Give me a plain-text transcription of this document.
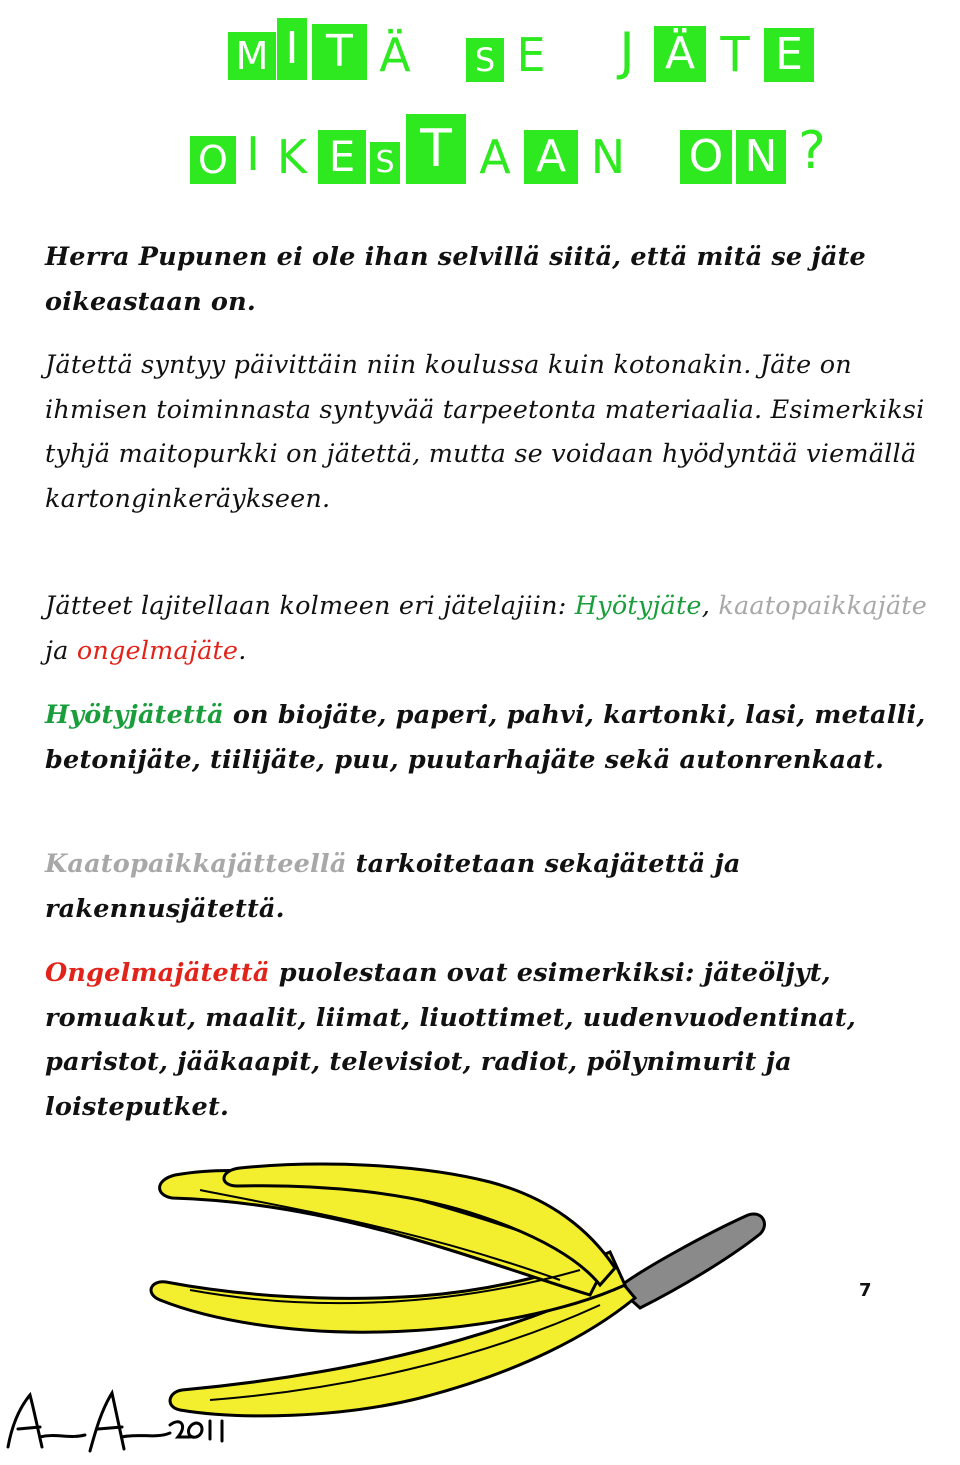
M I T Ä S E	J Ä T E
O I K E S T A A N O N ?

Herra Pupunen ei ole ihan selvillä siitä, että mitä se jäte oikeastaan on.

Jätettä syntyy päivittäin niin koulussa kuin kotonakin. Jäte on ihmisen toiminnasta syntyvää tarpeetonta materiaalia. Esimerkiksi tyhjä maitopurkki on jätettä, mutta se voidaan hyödyntää viemällä kartonginkeräykseen.

Jätteet lajitellaan kolmeen eri jätelajiin: Hyötyjäte, kaatopaikkajäte ja ongelmajäte.

Hyötyjätettä on biojäte, paperi, pahvi, kartonki, lasi, metalli, betonijäte, tiilijäte, puu, puutarhajäte sekä autonrenkaat.

Kaatopaikkajätteellä tarkoitetaan sekajätettä ja rakennusjätettä.

Ongelmajätettä puolestaan ovat esimerkiksi: jäteöljyt, romuakut, maalit, liimat, liuottimet, uudenvuodentinat, paristot, jääkaapit, televisiot, radiot, pölynimurit ja loisteputket.

7
